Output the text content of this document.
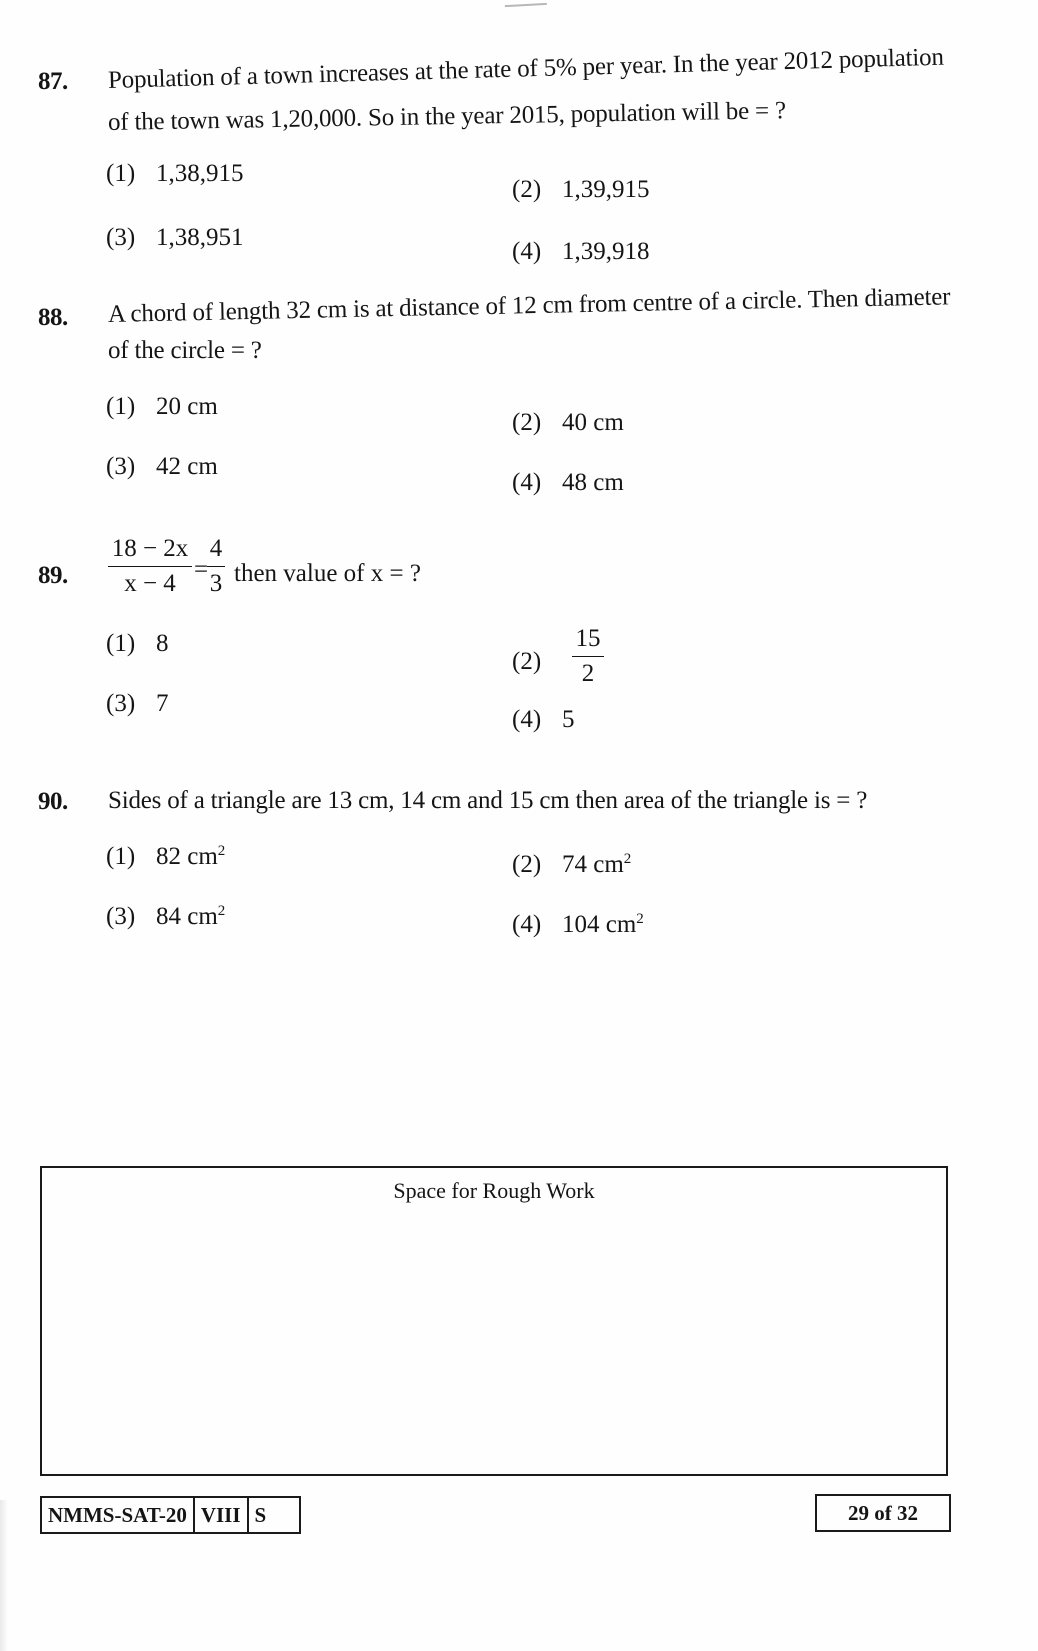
87. Population of a town increases at the rate of 5% per year. In the year 2012 population
of the town was 1,20,000. So in the year 2015, population will be = ?
(1) 1,38,915
(2) 1,39,915
(3) 1,38,951
(4) 1,39,918
88. A chord of length 32 cm is at distance of 12 cm from centre of a circle. Then diameter
of the circle = ?
(1) 20 cm
(2) 40 cm
(3) 42 cm
(4) 48 cm
89.
18 − 2x
x − 4
=
4
3 then value of x = ?
(1) 8
(2)
15
2
(3) 7
(4) 5
90. Sides of a triangle are 13 cm, 14 cm and 15 cm then area of the triangle is = ?
(1) 82 $cm^2$	(2) 74 $cm^2$
(3) 84 $cm^2$	(4) 104 $cm^2$
Space for Rough Work
NMMS-SAT-20 VIII S	29 of 32
